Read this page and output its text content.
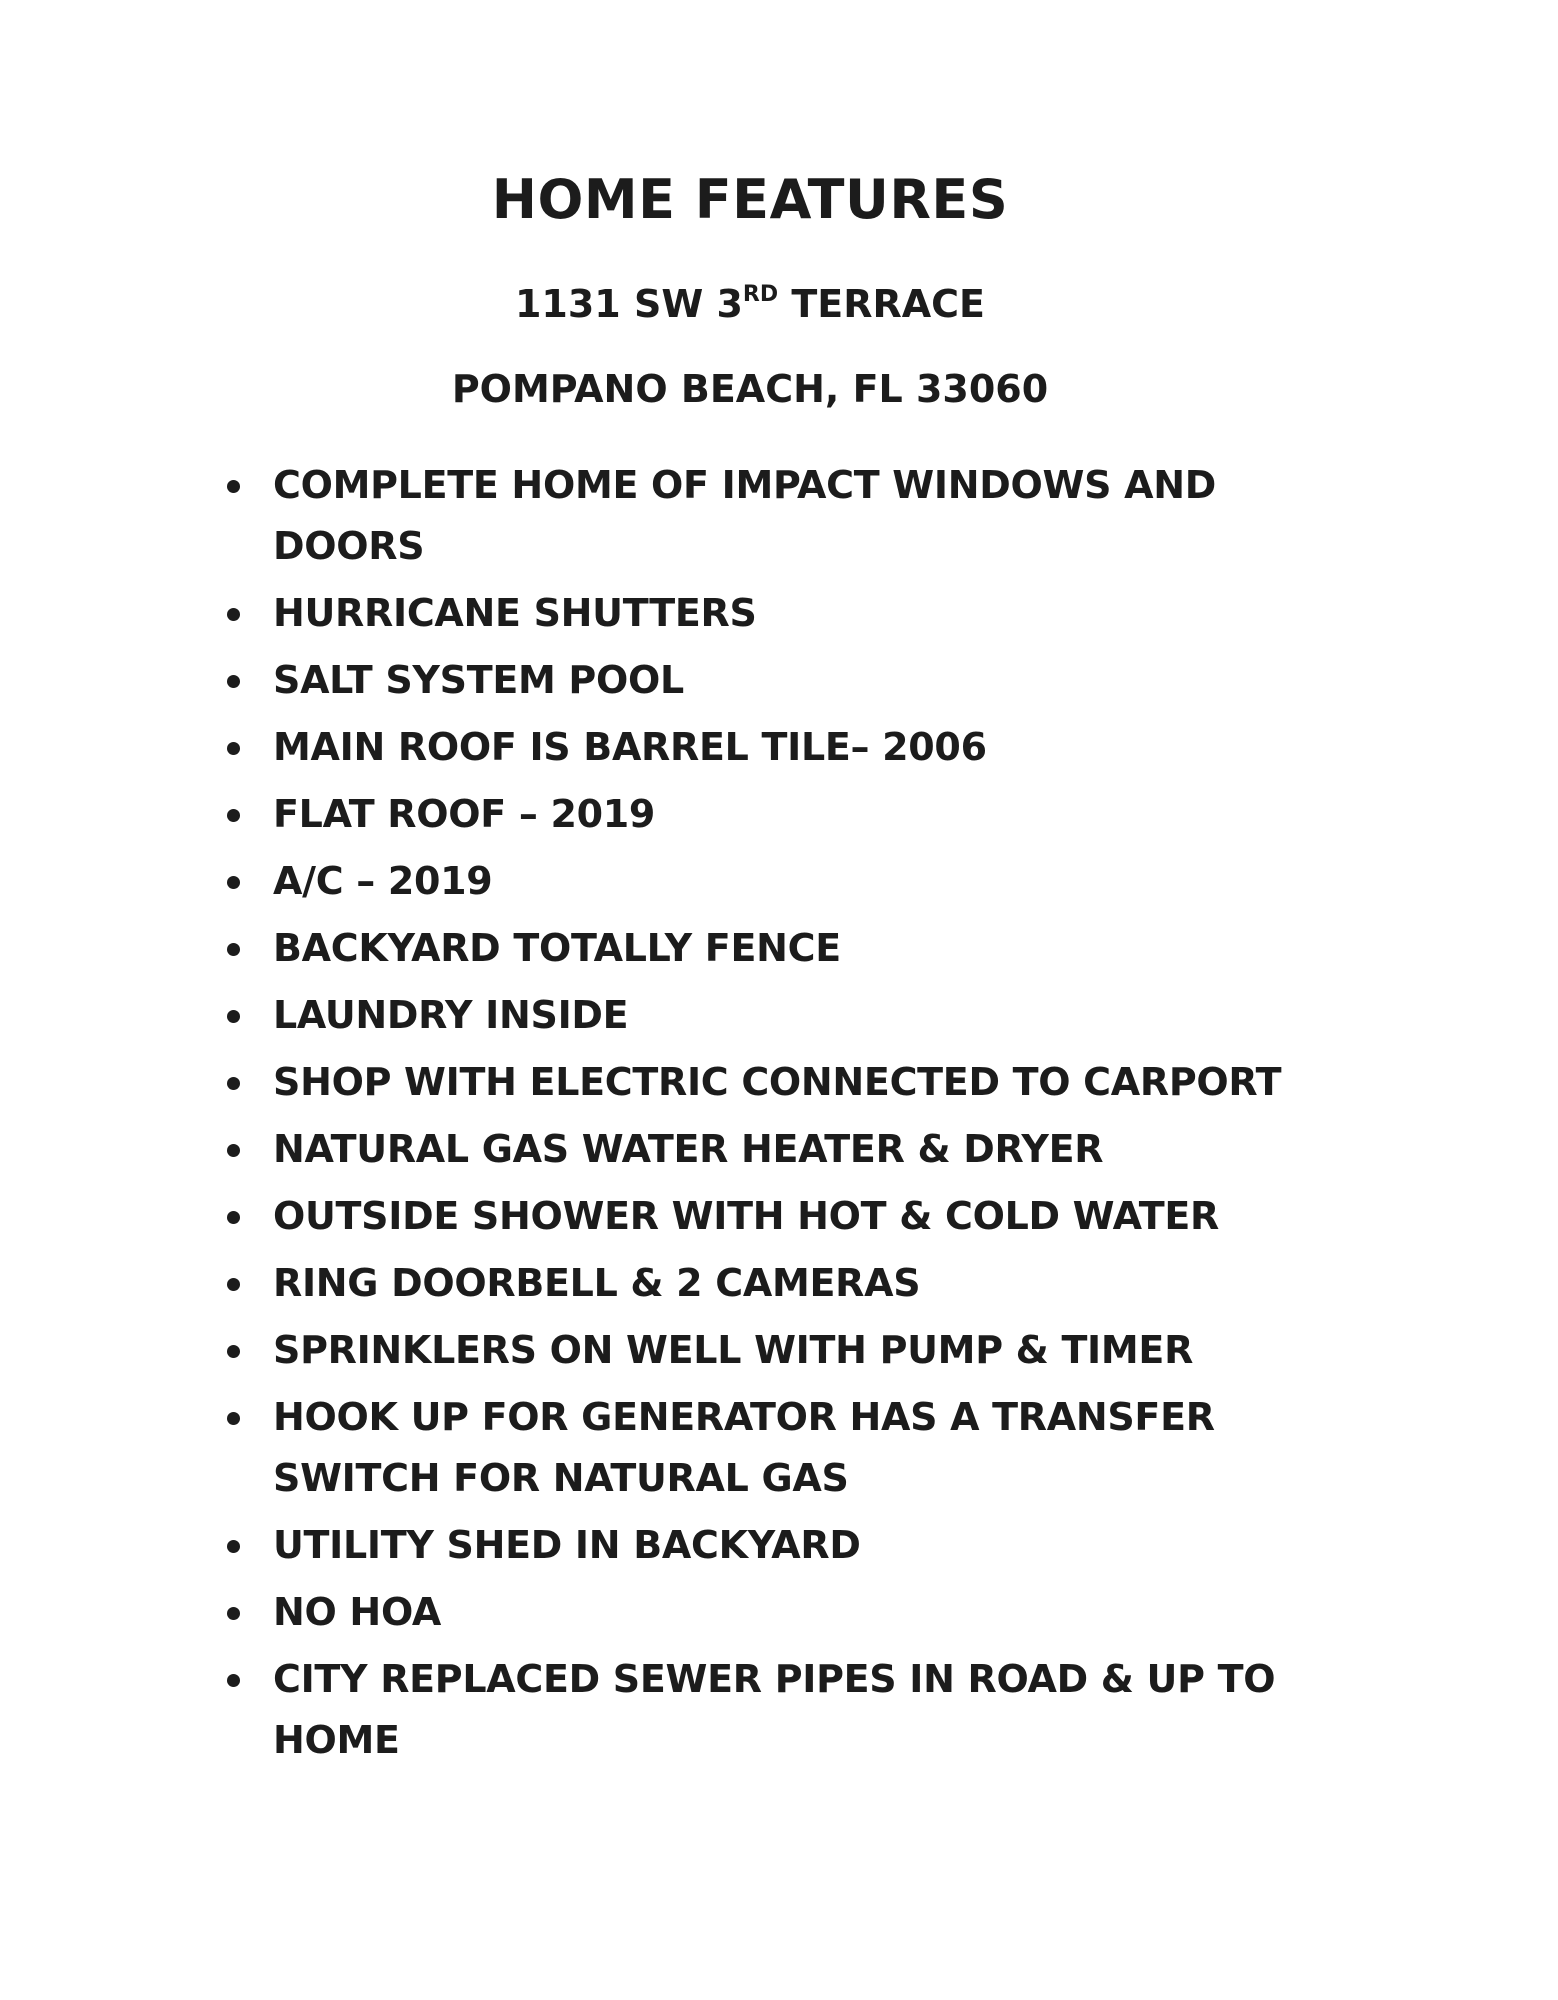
HOME FEATURES
1131 SW 3RD TERRACE
POMPANO BEACH, FL 33060
COMPLETE HOME OF IMPACT WINDOWS AND DOORS
HURRICANE SHUTTERS
SALT SYSTEM POOL
MAIN ROOF IS BARREL TILE– 2006
FLAT ROOF – 2019
A/C – 2019
BACKYARD TOTALLY FENCE
LAUNDRY INSIDE
SHOP WITH ELECTRIC CONNECTED TO CARPORT
NATURAL GAS WATER HEATER & DRYER
OUTSIDE SHOWER WITH HOT & COLD WATER
RING DOORBELL & 2 CAMERAS
SPRINKLERS ON WELL WITH PUMP & TIMER
HOOK UP FOR GENERATOR HAS A TRANSFER SWITCH FOR NATURAL GAS
UTILITY SHED IN BACKYARD
NO HOA
CITY REPLACED SEWER PIPES IN ROAD & UP TO HOME
